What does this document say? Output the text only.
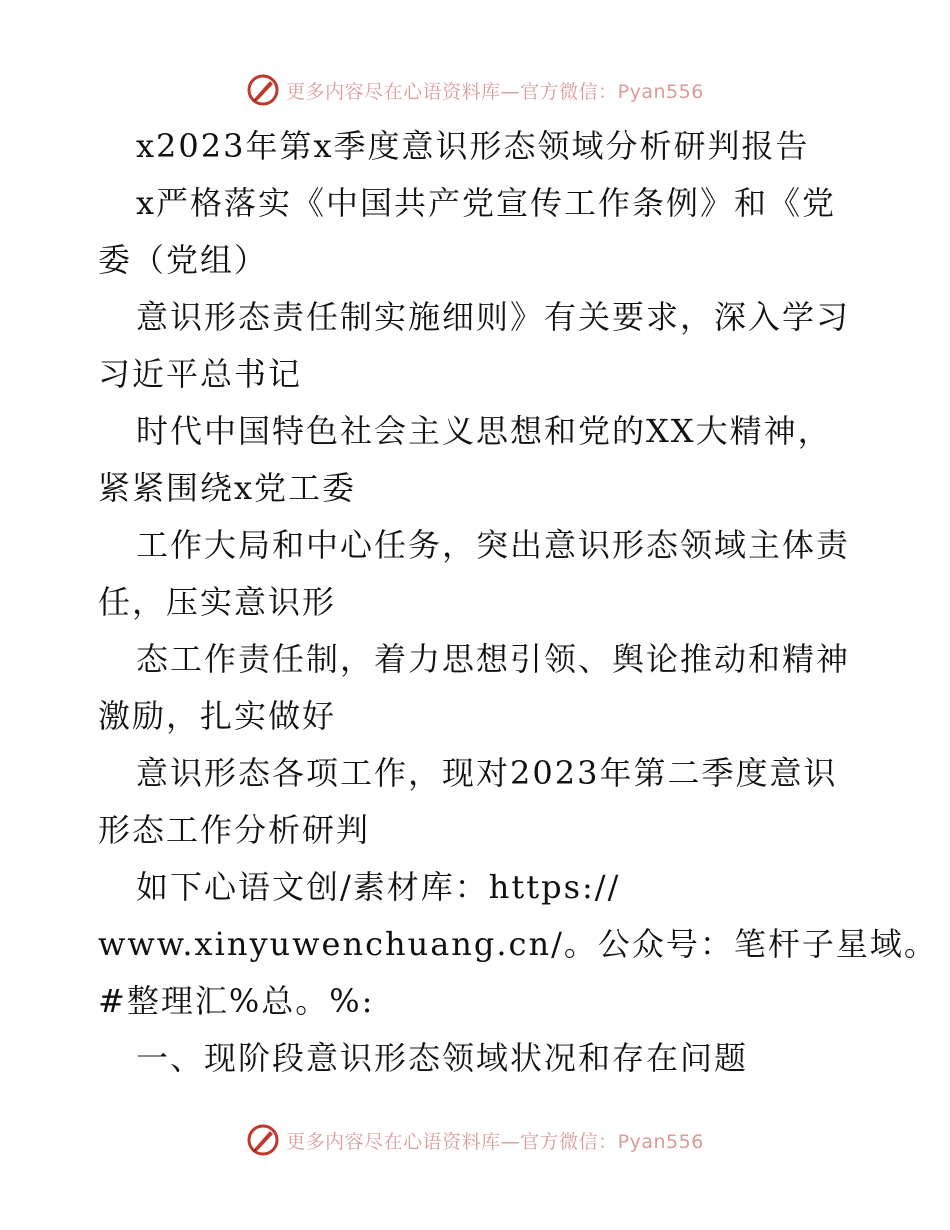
更多内容尽在心语资料库—官方微信：Pyan556
x2023年第x季度意识形态领域分析研判报告
x严格落实《中国共产党宣传工作条例》和《党
委（党组）
意识形态责任制实施细则》有关要求，深入学习
习近平总书记
时代中国特色社会主义思想和党的XX大精神，
紧紧围绕x党工委
工作大局和中心任务，突出意识形态领域主体责
任，压实意识形
态工作责任制，着力思想引领、舆论推动和精神
激励，扎实做好
意识形态各项工作，现对2023年第二季度意识
形态工作分析研判
如下心语文创/素材库：https://
www.xinyuwenchuang.cn/。公众号：笔杆子星域。
#整理汇%总。%:
一、现阶段意识形态领域状况和存在问题
更多内容尽在心语资料库—官方微信：Pyan556
